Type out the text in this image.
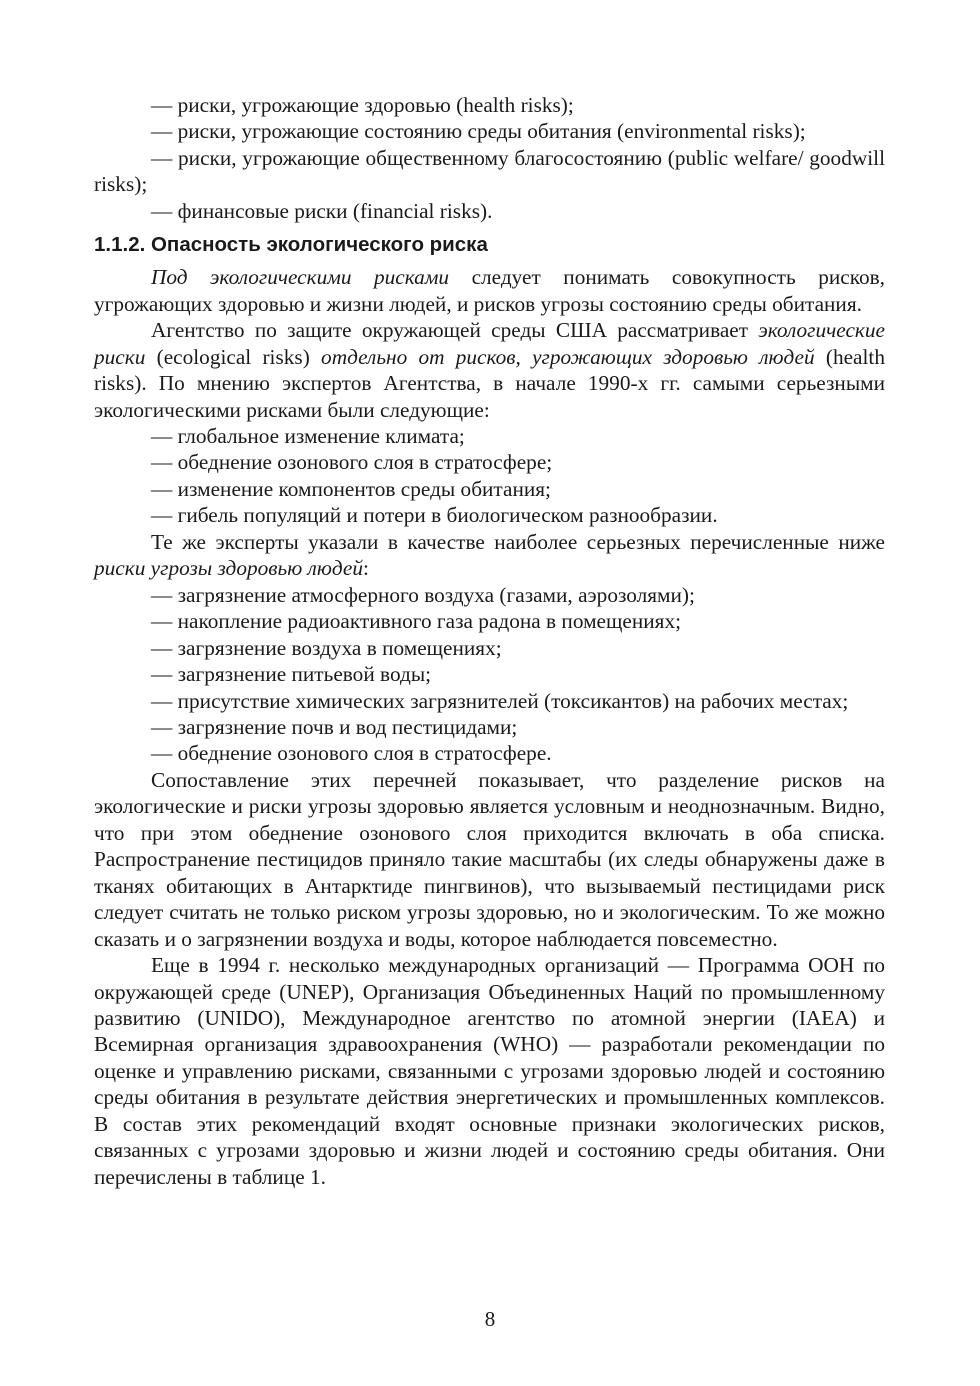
— риски, угрожающие здоровью (health risks);

— риски, угрожающие состоянию среды обитания (environmental risks);

— риски, угрожающие общественному благосостоянию (public welfare/ goodwill risks);

— финансовые риски (financial risks).

1.1.2. Опасность экологического риска

Под экологическими рисками следует понимать совокупность рисков, угрожающих здоровью и жизни людей, и рисков угрозы состоянию среды обитания.

Агентство по защите окружающей среды США рассматривает экологические риски (ecological risks) отдельно от рисков, угрожающих здоровью людей (health risks). По мнению экспертов Агентства, в начале 1990-х гг. самыми серьезными экологическими рисками были следующие:

— глобальное изменение климата;

— обеднение озонового слоя в стратосфере;

— изменение компонентов среды обитания;

— гибель популяций и потери в биологическом разнообразии.

Те же эксперты указали в качестве наиболее серьезных перечисленные ниже риски угрозы здоровью людей:

— загрязнение атмосферного воздуха (газами, аэрозолями);

— накопление радиоактивного газа радона в помещениях;

— загрязнение воздуха в помещениях;

— загрязнение питьевой воды;

— присутствие химических загрязнителей (токсикантов) на рабочих местах;

— загрязнение почв и вод пестицидами;

— обеднение озонового слоя в стратосфере.

Сопоставление этих перечней показывает, что разделение рисков на экологические и риски угрозы здоровью является условным и неоднозначным. Видно, что при этом обеднение озонового слоя приходится включать в оба списка. Распространение пестицидов приняло такие масштабы (их следы обнаружены даже в тканях обитающих в Антарктиде пингвинов), что вызываемый пестицидами риск следует считать не только риском угрозы здоровью, но и экологическим. То же можно сказать и о загрязнении воздуха и воды, которое наблюдается повсеместно.

Еще в 1994 г. несколько международных организаций — Программа ООН по окружающей среде (UNEP), Организация Объединенных Наций по промышленному развитию (UNIDO), Международное агентство по атомной энергии (IAEA) и Всемирная организация здравоохранения (WHO) — разработали рекомендации по оценке и управлению рисками, связанными с угрозами здоровью людей и состоянию среды обитания в результате действия энергетических и промышленных комплексов. В состав этих рекомендаций входят основные признаки экологических рисков, связанных с угрозами здоровью и жизни людей и состоянию среды обитания. Они перечислены в таблице 1.

8
